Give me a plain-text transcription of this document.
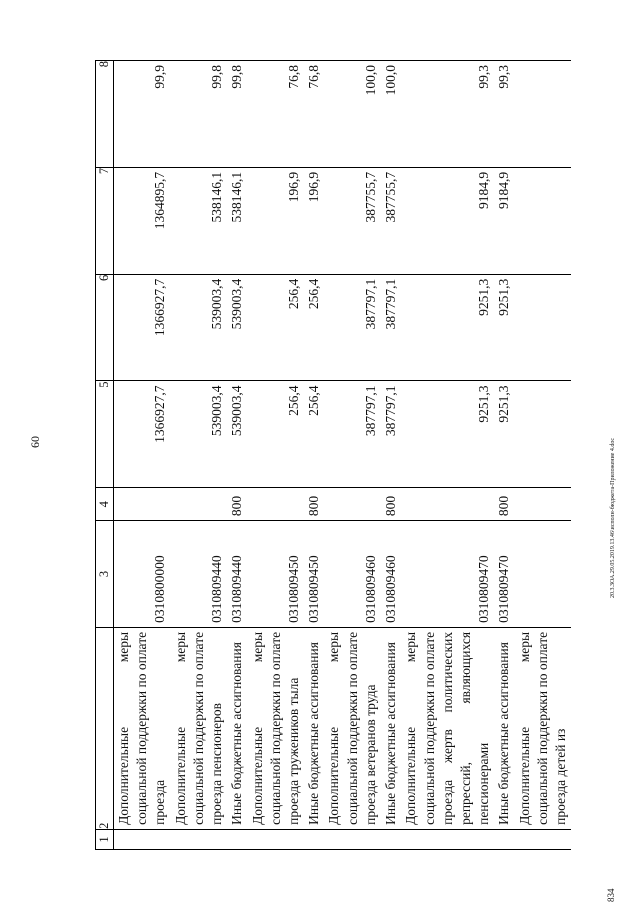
60	20.3.ЗОА.29.05.2019.13.46\исполн-бюджета-Приложение 4.doc
834
1	2	3	4	5	6	7	8
	Дополнительные меры социальной поддержки по оплате проезда	0310800000		1366927,7	1366927,7	1364895,7	99,9
	Дополнительные меры социальной поддержки по оплате проезда пенсионеров	0310809440		539003,4	539003,4	538146,1	99,8
	Иные бюджетные ассигнования	0310809440	800	539003,4	539003,4	538146,1	99,8
	Дополнительные меры социальной поддержки по оплате проезда тружеников тыла	0310809450		256,4	256,4	196,9	76,8
	Иные бюджетные ассигнования	0310809450	800	256,4	256,4	196,9	76,8
	Дополнительные меры социальной поддержки по оплате проезда ветеранов труда	0310809460		387797,1	387797,1	387755,7	100,0
	Иные бюджетные ассигнования	0310809460	800	387797,1	387797,1	387755,7	100,0
	Дополнительные меры социальной поддержки по оплате проезда жертв политических репрессий, являющихся пенсионерами	0310809470		9251,3	9251,3	9184,9	99,3
	Иные бюджетные ассигнования	0310809470	800	9251,3	9251,3	9184,9	99,3
	Дополнительные меры социальной поддержки по оплате проезда детей из						
